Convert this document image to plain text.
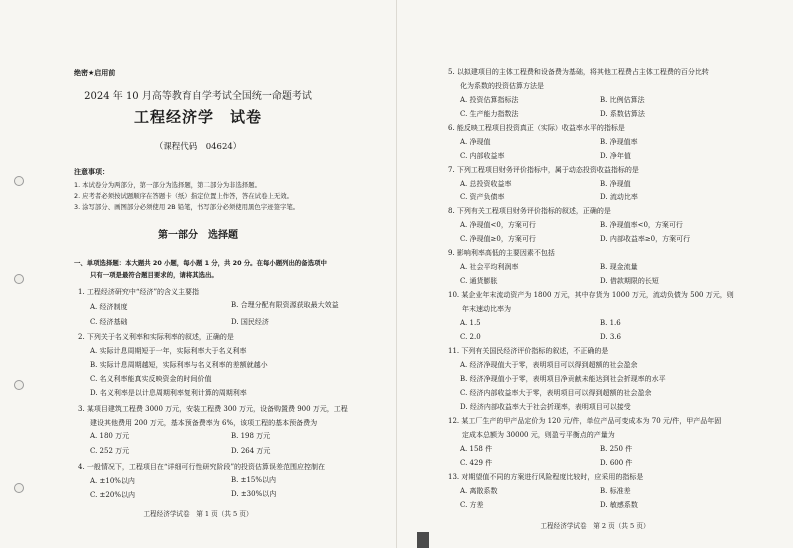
绝密★启用前
2024 年 10 月高等教育自学考试全国统一命题考试
工程经济学　试卷
（课程代码　04624）
注意事项：
1. 本试卷分为两部分，第一部分为选择题，第二部分为非选择题。
2. 应考者必须按试题顺序在答题卡（纸）指定位置上作答，答在试卷上无效。
3. 涂写部分、画图部分必须使用 2B 铅笔，书写部分必须使用黑色字迹签字笔。
第一部分　选择题
一、单项选择题：本大题共 20 小题，每小题 1 分，共 20 分。在每小题列出的备选项中
只有一项是最符合题目要求的，请将其选出。
1. 工程经济研究中“经济”的含义主要指
A. 经济制度	B. 合理分配有限资源获取最大效益
C. 经济基础	D. 国民经济
2. 下列关于名义利率和实际利率的叙述，正确的是
A. 实际计息周期短于一年，实际利率大于名义利率
B. 实际计息周期越短，实际利率与名义利率的差额就越小
C. 名义利率能真实反映资金的时间价值
D. 名义利率是以计息周期利率复利计算的周期利率
3. 某项目建筑工程费 3000 万元，安装工程费 300 万元，设备购置费 900 万元，工程
建设其他费用 200 万元，基本预备费率为 6%，该项工程的基本预备费为
A. 180 万元	B. 198 万元
C. 252 万元	D. 264 万元
4. 一般情况下，工程项目在“详细可行性研究阶段”的投资估算误差范围应控制在
A. ±10%以内	B. ±15%以内
C. ±20%以内	D. ±30%以内
工程经济学试卷　第 1 页（共 5 页）
5. 以拟建项目的主体工程费和设备费为基础，将其他工程费占主体工程费的百分比转
化为系数的投资估算方法是
A. 投资估算指标法	B. 比例估算法
C. 生产能力指数法	D. 系数估算法
6. 能反映工程项目投资真正（实际）收益率水平的指标是
A. 净现值	B. 净现值率
C. 内部收益率	D. 净年值
7. 下列工程项目财务评价指标中，属于动态投资收益指标的是
A. 总投资收益率	B. 净现值
C. 资产负债率	D. 流动比率
8. 下列有关工程项目财务评价指标的叙述，正确的是
A. 净现值<0，方案可行	B. 净现值率<0，方案可行
C. 净现值≥0，方案可行	D. 内部收益率≥0，方案可行
9. 影响利率高低的主要因素不包括
A. 社会平均利润率	B. 现金流量
C. 通货膨胀	D. 借款期限的长短
10. 某企业年末流动资产为 1800 万元，其中存货为 1000 万元，流动负债为 500 万元，则
年末速动比率为
A. 1.5	B. 1.6
C. 2.0	D. 3.6
11. 下列有关国民经济评价指标的叙述，不正确的是
A. 经济净现值大于零，表明项目可以得到超额的社会盈余
B. 经济净现值小于零，表明项目净贡献未能达到社会折现率的水平
C. 经济内部收益率大于零，表明项目可以得到超额的社会盈余
D. 经济内部收益率大于社会折现率，表明项目可以接受
12. 某工厂生产的甲产品定价为 120 元/件，单位产品可变成本为 70 元/件，甲产品年固
定成本总额为 30000 元，则盈亏平衡点的产量为
A. 158 件	B. 250 件
C. 429 件	D. 600 件
13. 对期望值不同的方案进行风险程度比较时，应采用的指标是
A. 离散系数	B. 标准差
C. 方差	D. 敏感系数
工程经济学试卷　第 2 页（共 5 页）
